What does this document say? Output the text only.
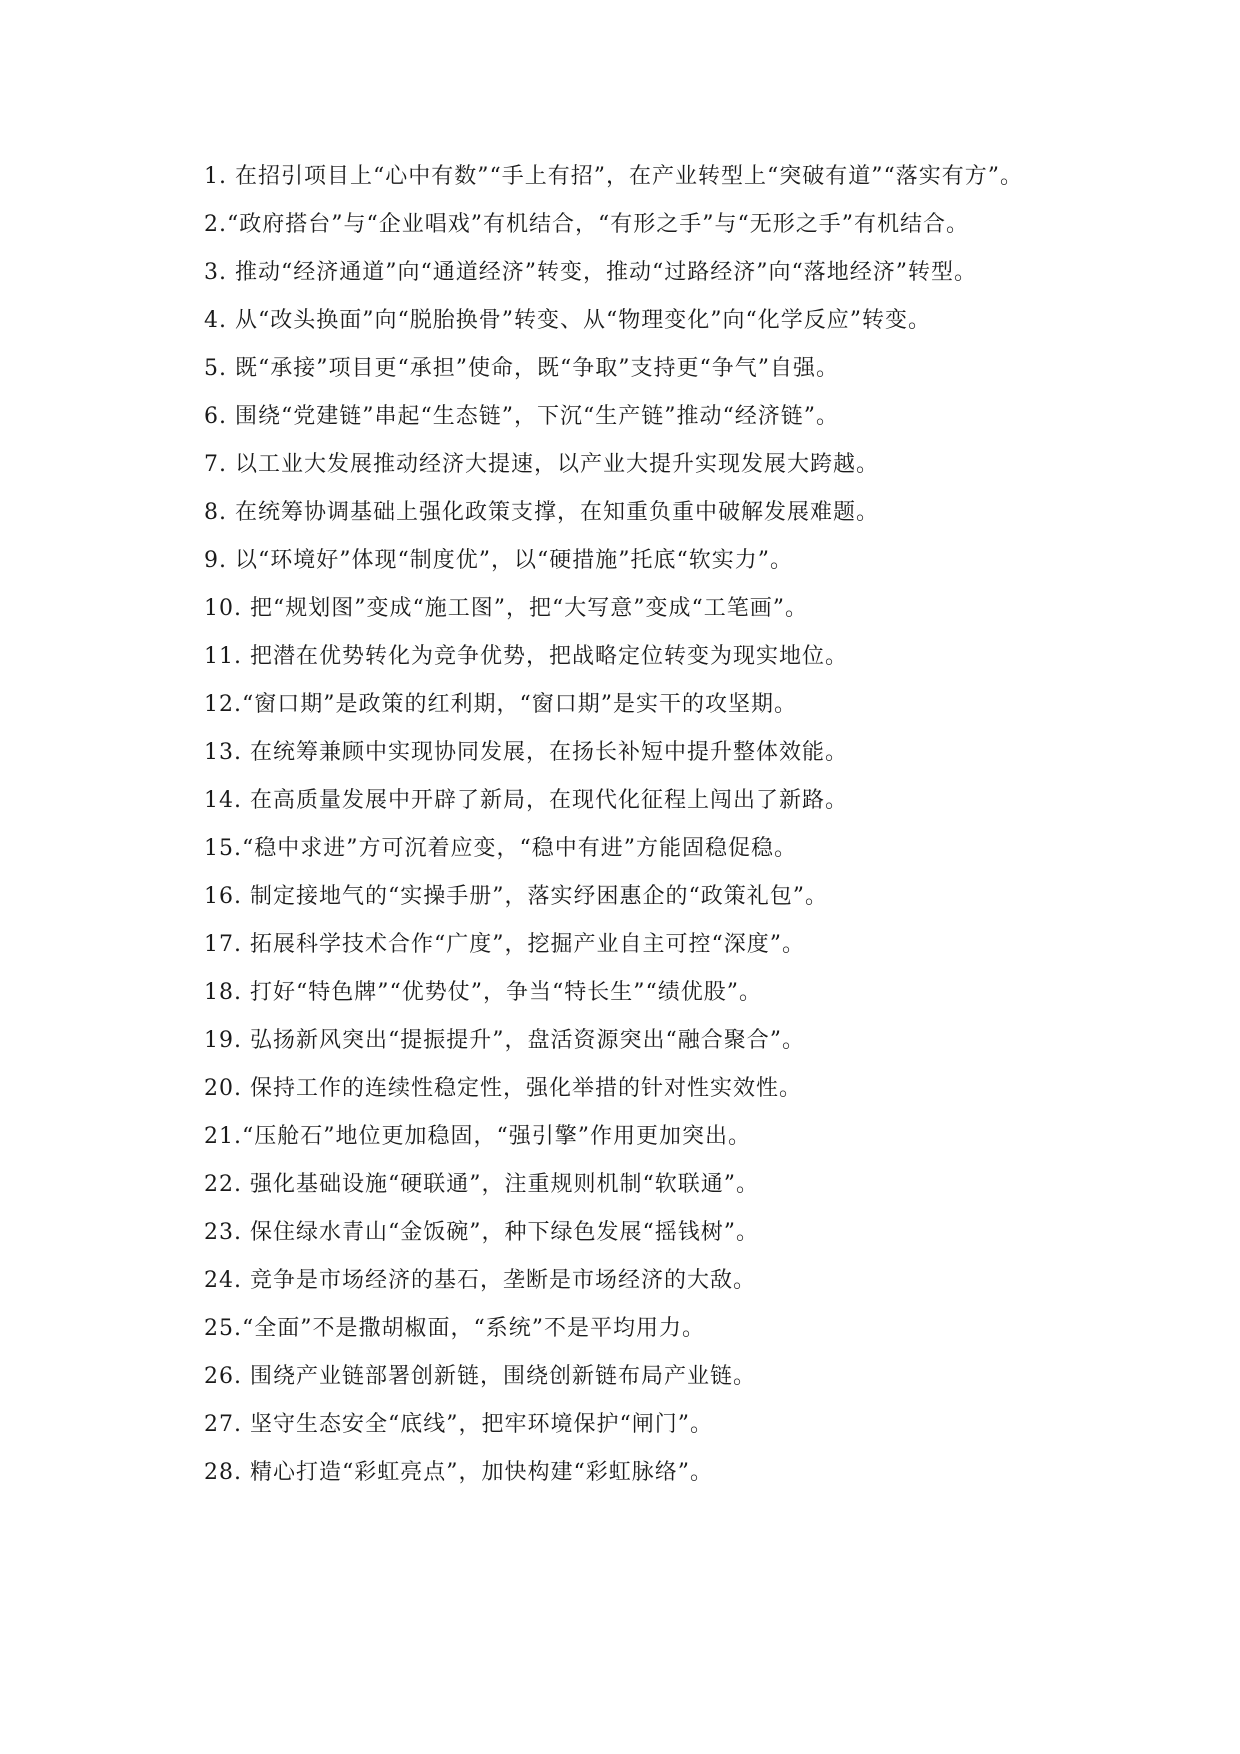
1. 在招引项目上“心中有数”“手上有招”，在产业转型上“突破有道”“落实有方”。

2.“政府搭台”与“企业唱戏”有机结合，“有形之手”与“无形之手”有机结合。

3. 推动“经济通道”向“通道经济”转变，推动“过路经济”向“落地经济”转型。

4. 从“改头换面”向“脱胎换骨”转变、从“物理变化”向“化学反应”转变。

5. 既“承接”项目更“承担”使命，既“争取”支持更“争气”自强。

6. 围绕“党建链”串起“生态链”，下沉“生产链”推动“经济链”。

7. 以工业大发展推动经济大提速，以产业大提升实现发展大跨越。

8. 在统筹协调基础上强化政策支撑，在知重负重中破解发展难题。

9. 以“环境好”体现“制度优”，以“硬措施”托底“软实力”。

10. 把“规划图”变成“施工图”，把“大写意”变成“工笔画”。

11. 把潜在优势转化为竞争优势，把战略定位转变为现实地位。

12.“窗口期”是政策的红利期，“窗口期”是实干的攻坚期。

13. 在统筹兼顾中实现协同发展，在扬长补短中提升整体效能。

14. 在高质量发展中开辟了新局，在现代化征程上闯出了新路。

15.“稳中求进”方可沉着应变，“稳中有进”方能固稳促稳。

16. 制定接地气的“实操手册”，落实纾困惠企的“政策礼包”。

17. 拓展科学技术合作“广度”，挖掘产业自主可控“深度”。

18. 打好“特色牌”“优势仗”，争当“特长生”“绩优股”。

19. 弘扬新风突出“提振提升”，盘活资源突出“融合聚合”。

20. 保持工作的连续性稳定性，强化举措的针对性实效性。

21.“压舱石”地位更加稳固，“强引擎”作用更加突出。

22. 强化基础设施“硬联通”，注重规则机制“软联通”。

23. 保住绿水青山“金饭碗”，种下绿色发展“摇钱树”。

24. 竞争是市场经济的基石，垄断是市场经济的大敌。

25.“全面”不是撒胡椒面，“系统”不是平均用力。

26. 围绕产业链部署创新链，围绕创新链布局产业链。

27. 坚守生态安全“底线”，把牢环境保护“闸门”。

28. 精心打造“彩虹亮点”，加快构建“彩虹脉络”。
